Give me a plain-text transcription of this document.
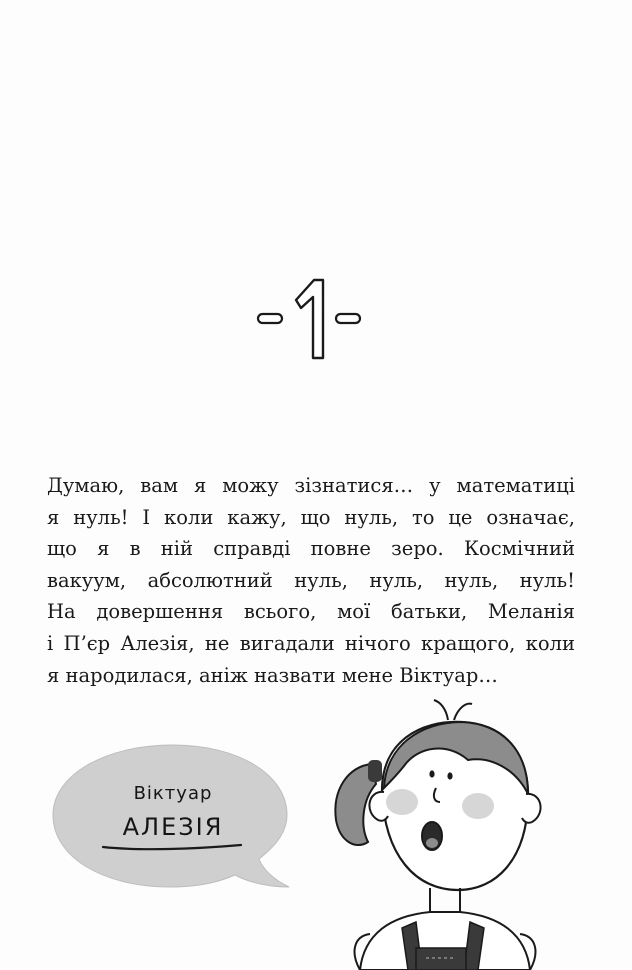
1
Думаю, вам я можу зізнатися… у математиці
я нуль! І коли кажу, що нуль, то це означає,
що я в ній справді повне зеро. Космічний
вакуум, абсолютний нуль, нуль, нуль, нуль!
На довершення всього, мої батьки, Меланія
і П’єр Алезія, не вигадали нічого кращого, коли
я народилася, аніж назвати мене Віктуар…
Віктуар
АЛЕЗІЯ
